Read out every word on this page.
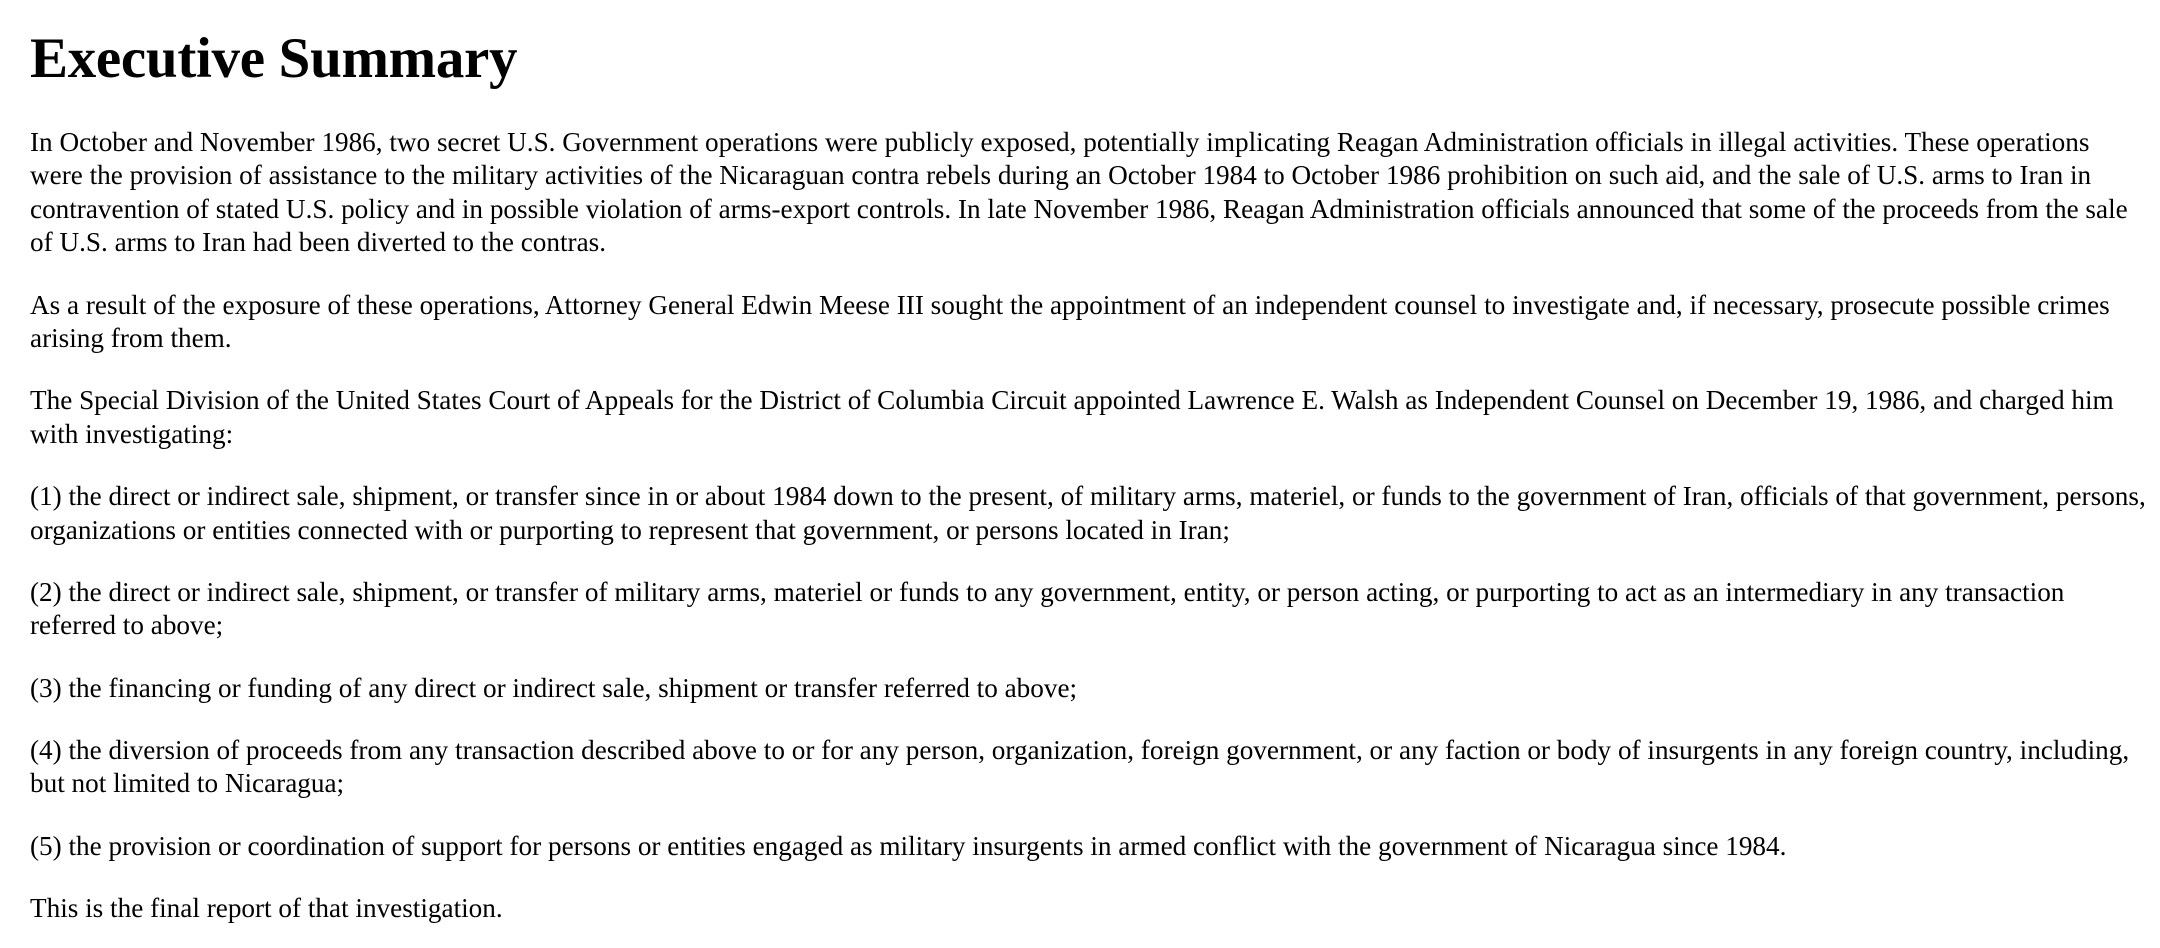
Executive Summary

In October and November 1986, two secret U.S. Government operations were publicly exposed, potentially implicating Reagan Administration officials in illegal activities. These operations were the provision of assistance to the military activities of the Nicaraguan contra rebels during an October 1984 to October 1986 prohibition on such aid, and the sale of U.S. arms to Iran in contravention of stated U.S. policy and in possible violation of arms-export controls. In late November 1986, Reagan Administration officials announced that some of the proceeds from the sale of U.S. arms to Iran had been diverted to the contras.

As a result of the exposure of these operations, Attorney General Edwin Meese III sought the appointment of an independent counsel to investigate and, if necessary, prosecute possible crimes arising from them.

The Special Division of the United States Court of Appeals for the District of Columbia Circuit appointed Lawrence E. Walsh as Independent Counsel on December 19, 1986, and charged him with investigating:

(1) the direct or indirect sale, shipment, or transfer since in or about 1984 down to the present, of military arms, materiel, or funds to the government of Iran, officials of that government, persons, organizations or entities connected with or purporting to represent that government, or persons located in Iran;

(2) the direct or indirect sale, shipment, or transfer of military arms, materiel or funds to any government, entity, or person acting, or purporting to act as an intermediary in any transaction referred to above;

(3) the financing or funding of any direct or indirect sale, shipment or transfer referred to above;

(4) the diversion of proceeds from any transaction described above to or for any person, organization, foreign government, or any faction or body of insurgents in any foreign country, including, but not limited to Nicaragua;

(5) the provision or coordination of support for persons or entities engaged as military insurgents in armed conflict with the government of Nicaragua since 1984.

This is the final report of that investigation.
